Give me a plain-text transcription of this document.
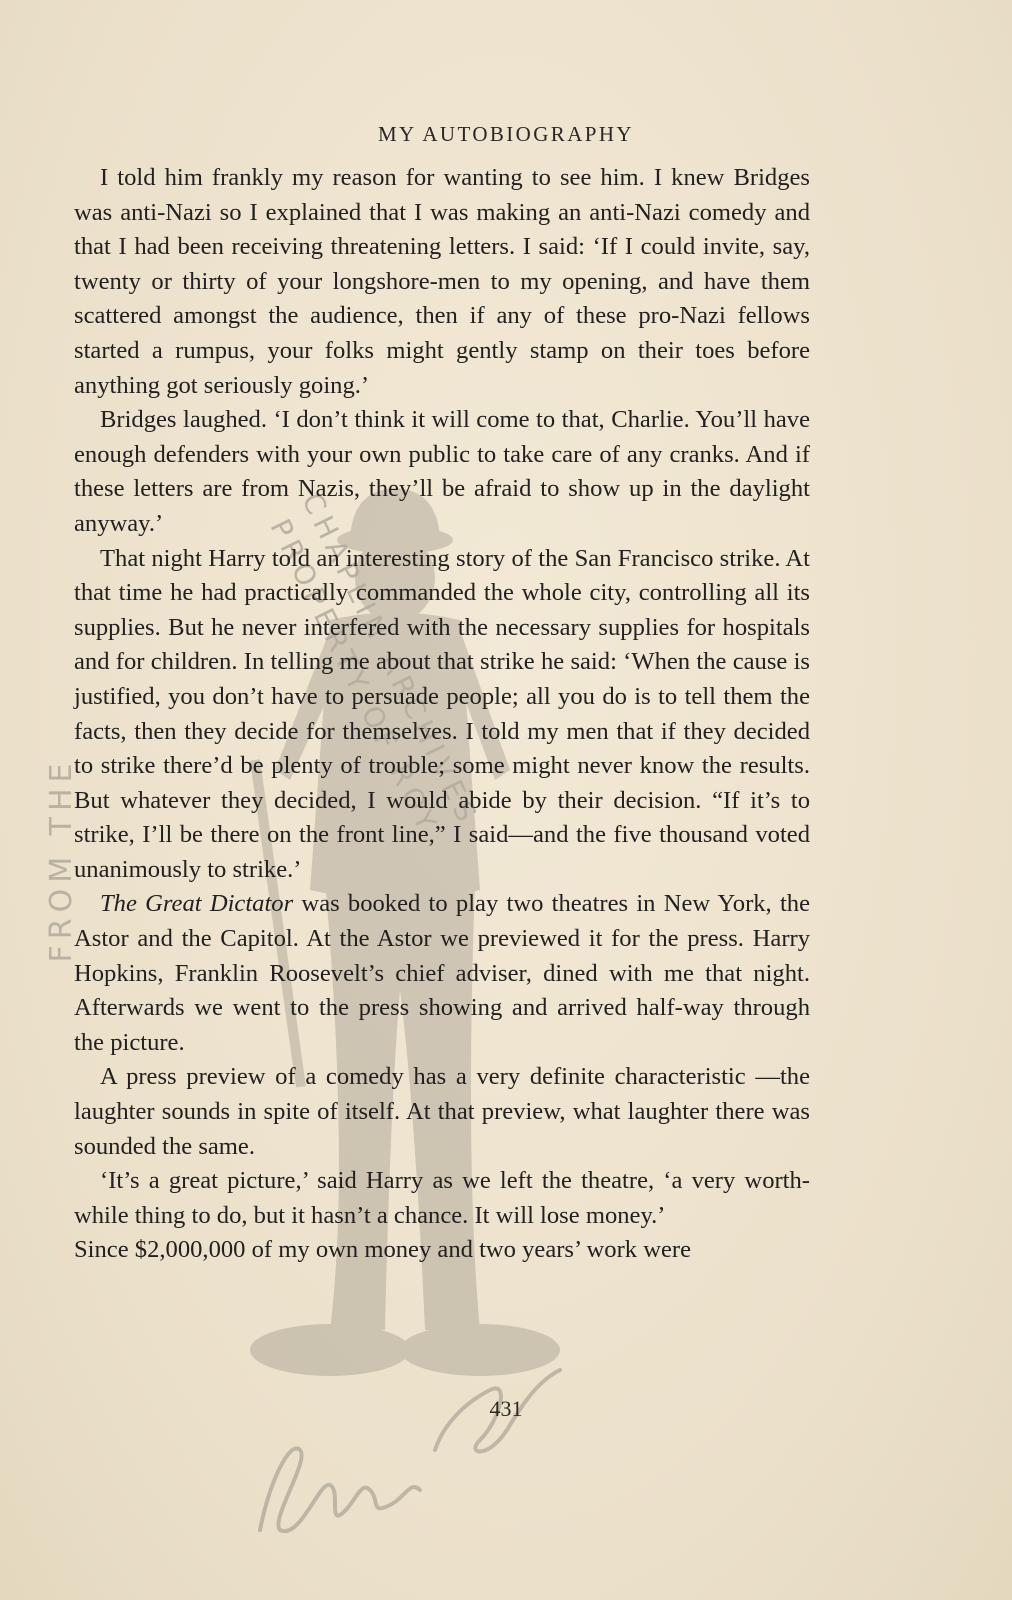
FROM THE
CHAPLIN ARCHIVES PROPERTY OF ROY
MY AUTOBIOGRAPHY

I told him frankly my reason for wanting to see him. I knew Bridges was anti-Nazi so I explained that I was making an anti-Nazi comedy and that I had been receiving threatening letters. I said: ‘If I could invite, say, twenty or thirty of your longshore-men to my opening, and have them scattered amongst the audience, then if any of these pro-Nazi fellows started a rumpus, your folks might gently stamp on their toes before anything got seriously going.’

Bridges laughed. ‘I don’t think it will come to that, Charlie. You’ll have enough defenders with your own public to take care of any cranks. And if these letters are from Nazis, they’ll be afraid to show up in the daylight anyway.’

That night Harry told an interesting story of the San Francisco strike. At that time he had practically commanded the whole city, controlling all its supplies. But he never interfered with the necessary supplies for hospitals and for children. In telling me about that strike he said: ‘When the cause is justified, you don’t have to persuade people; all you do is to tell them the facts, then they decide for themselves. I told my men that if they decided to strike there’d be plenty of trouble; some might never know the results. But whatever they decided, I would abide by their decision. “If it’s to strike, I’ll be there on the front line,” I said—and the five thousand voted unanimously to strike.’

The Great Dictator was booked to play two theatres in New York, the Astor and the Capitol. At the Astor we previewed it for the press. Harry Hopkins, Franklin Roosevelt’s chief adviser, dined with me that night. Afterwards we went to the press showing and arrived half-way through the picture.

A press preview of a comedy has a very definite characteristic —the laughter sounds in spite of itself. At that preview, what laughter there was sounded the same.

‘It’s a great picture,’ said Harry as we left the theatre, ‘a very worth-while thing to do, but it hasn’t a chance. It will lose money.’

Since $2,000,000 of my own money and two years’ work were

431
